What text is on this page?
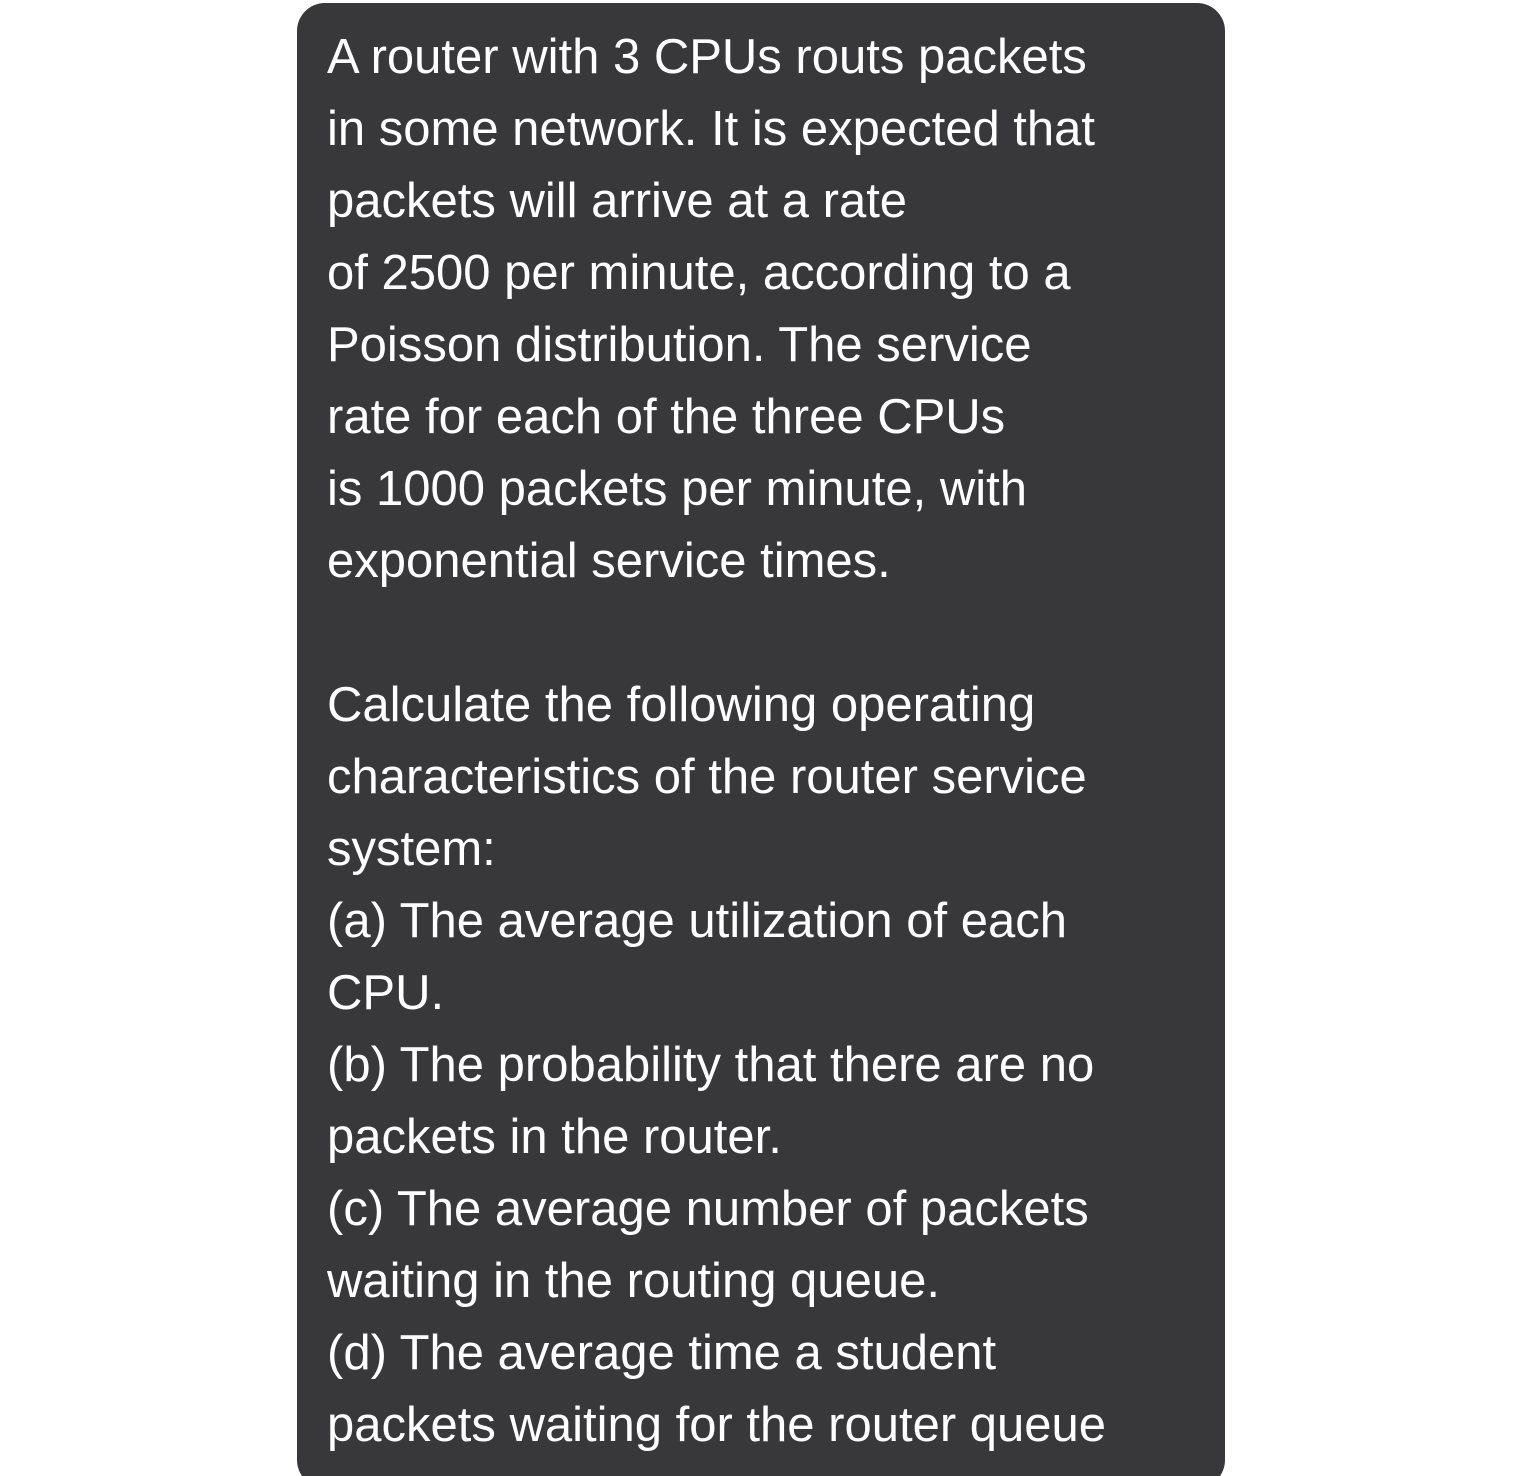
A router with 3 CPUs routs packets
in some network. It is expected that
packets will arrive at a rate
of 2500 per minute, according to a
Poisson distribution. The service
rate for each of the three CPUs
is 1000 packets per minute, with
exponential service times.
Calculate the following operating
characteristics of the router service
system:
(a) The average utilization of each
CPU.
(b) The probability that there are no
packets in the router.
(c) The average number of packets
waiting in the routing queue.
(d) The average time a student
packets waiting for the router queue
